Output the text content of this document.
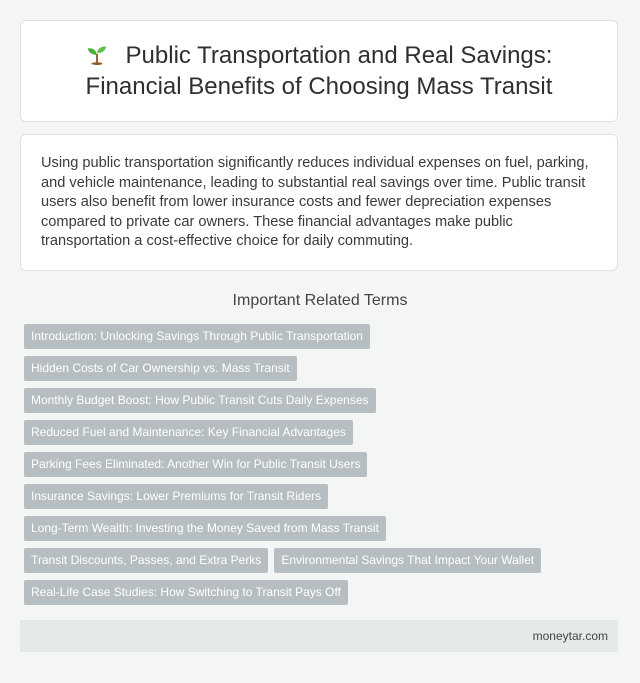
Public Transportation and Real Savings: Financial Benefits of Choosing Mass Transit

Using public transportation significantly reduces individual expenses on fuel, parking, and vehicle maintenance, leading to substantial real savings over time. Public transit users also benefit from lower insurance costs and fewer depreciation expenses compared to private car owners. These financial advantages make public transportation a cost-effective choice for daily commuting.

Important Related Terms
Introduction: Unlocking Savings Through Public Transportation
Hidden Costs of Car Ownership vs. Mass Transit
Monthly Budget Boost: How Public Transit Cuts Daily Expenses
Reduced Fuel and Maintenance: Key Financial Advantages
Parking Fees Eliminated: Another Win for Public Transit Users
Insurance Savings: Lower Premiums for Transit Riders
Long-Term Wealth: Investing the Money Saved from Mass Transit
Transit Discounts, Passes, and Extra Perks	Environmental Savings That Impact Your Wallet
Real-Life Case Studies: How Switching to Transit Pays Off
moneytar.com
